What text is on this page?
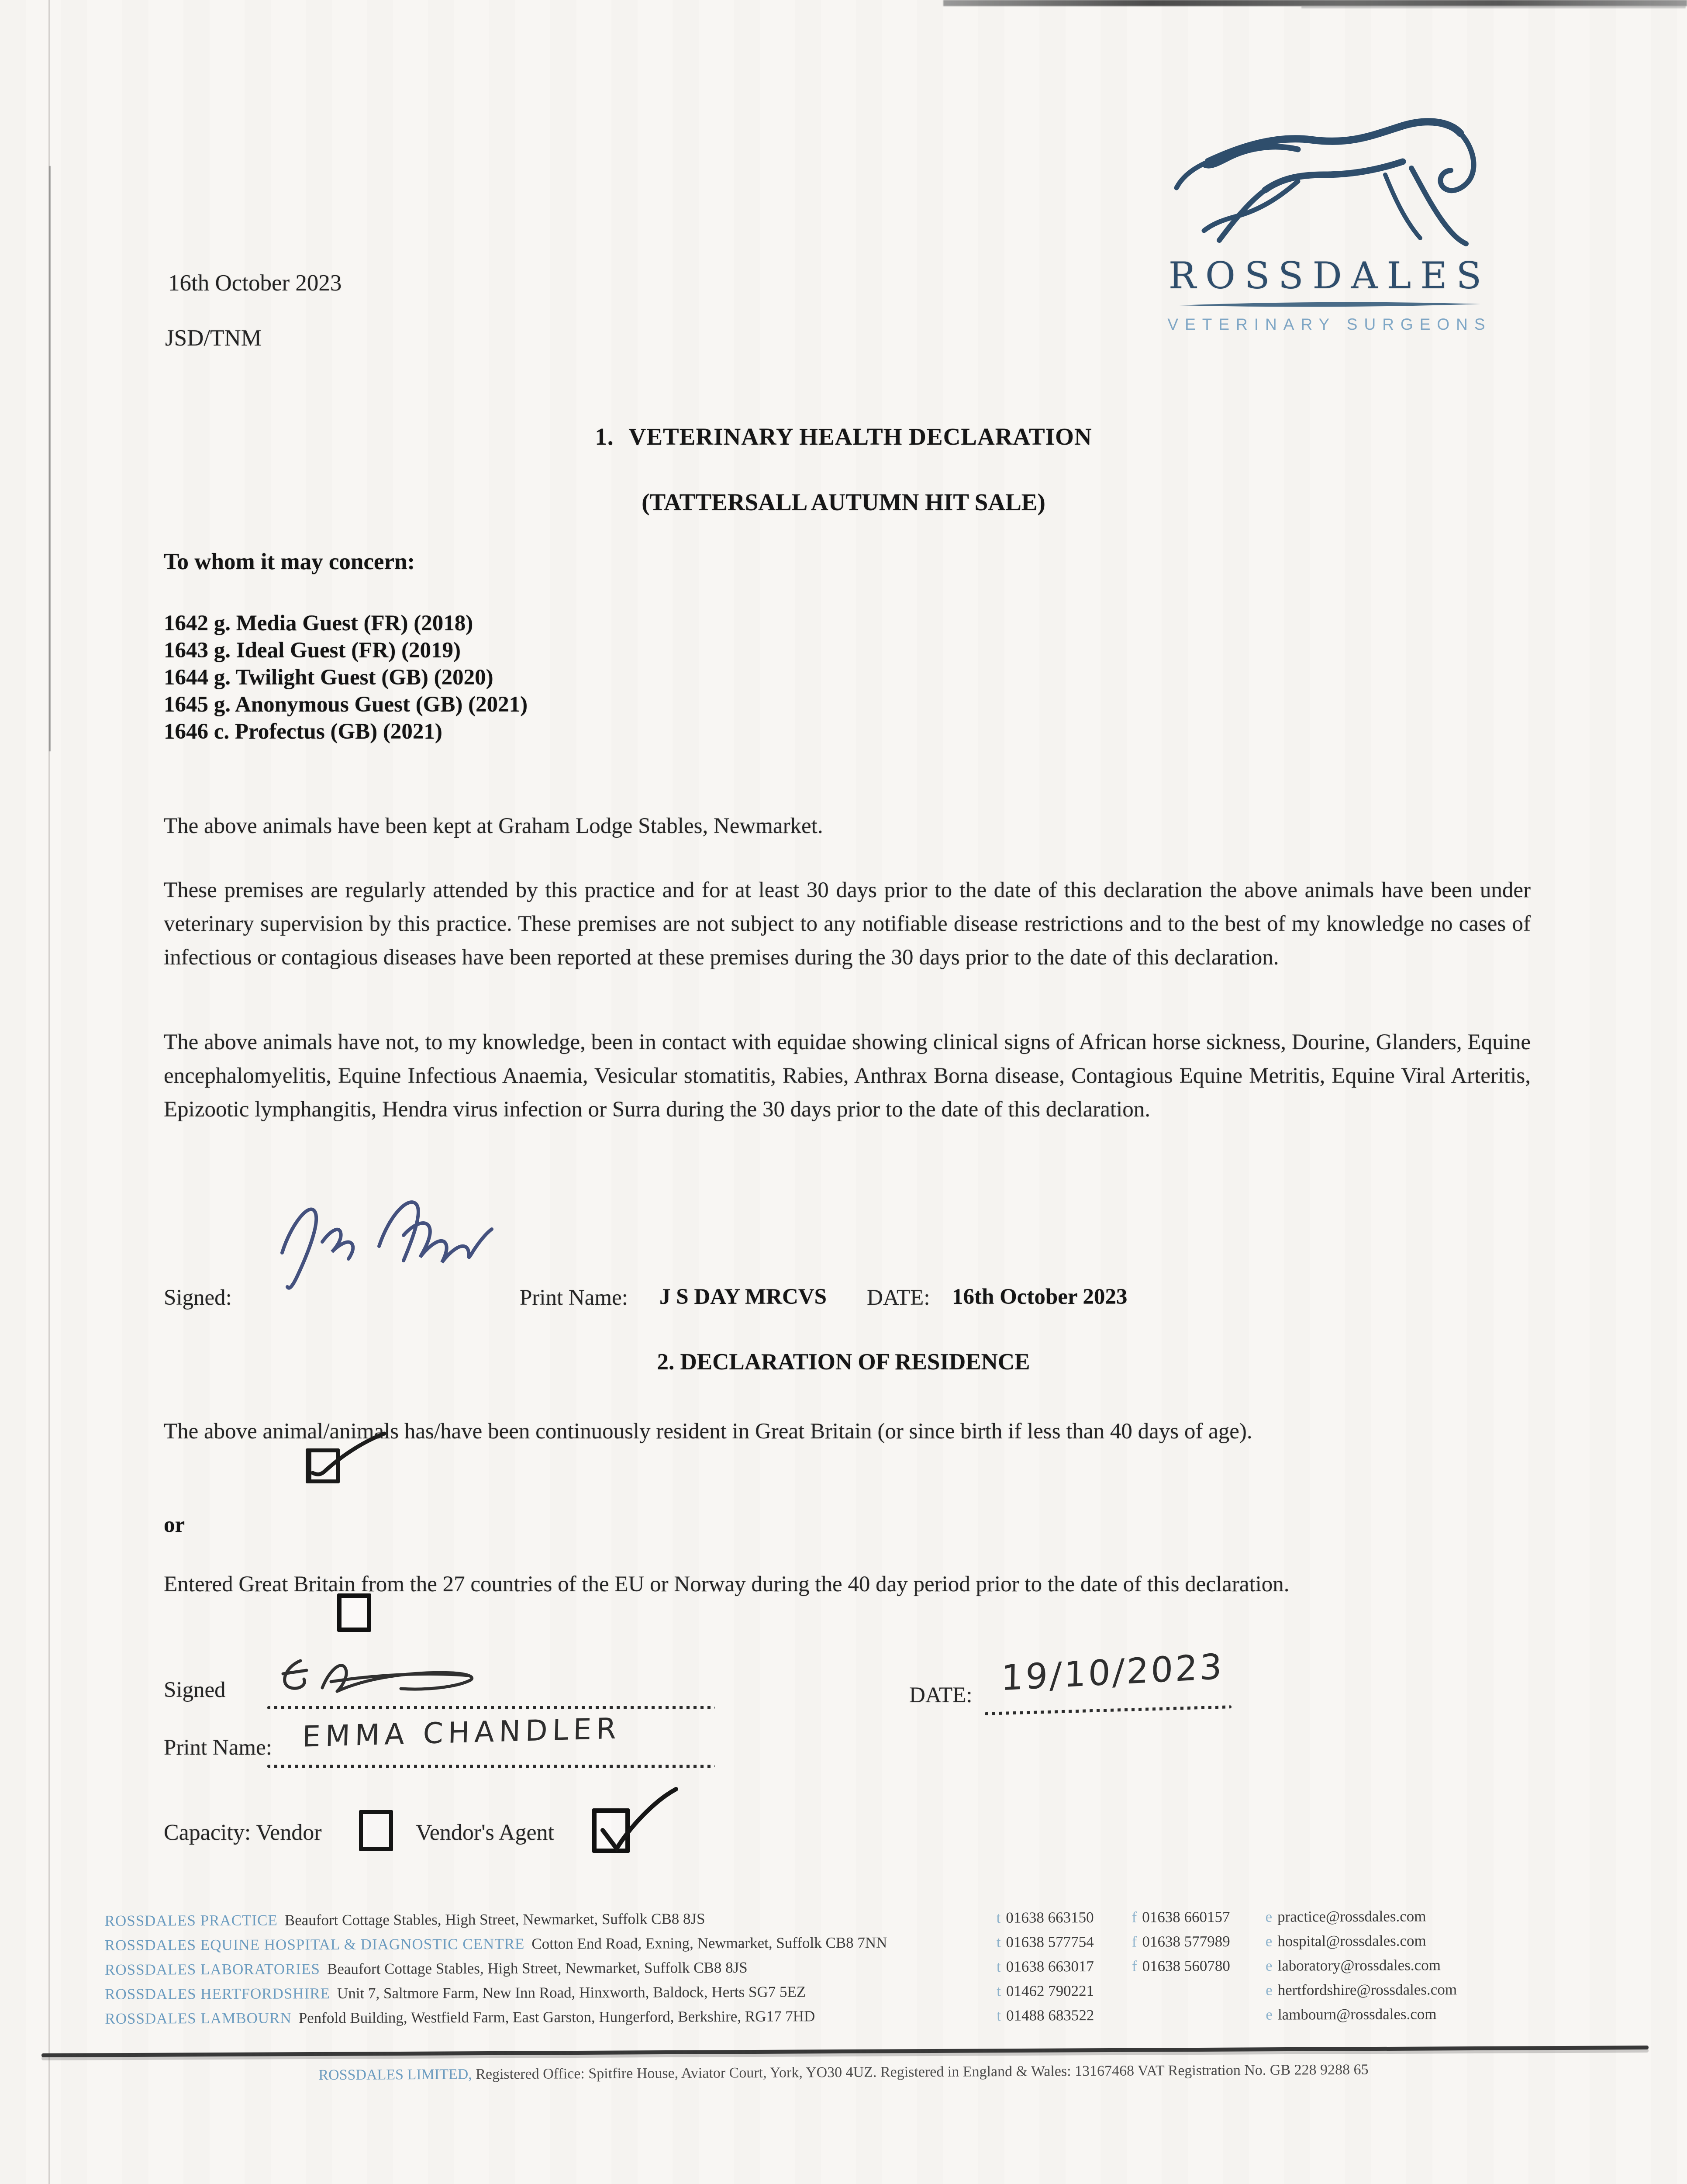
16th October 2023
JSD/TNM
ROSSDALES
VETERINARY SURGEONS
1. VETERINARY HEALTH DECLARATION
(TATTERSALL AUTUMN HIT SALE)
To whom it may concern:
1642 g. Media Guest (FR) (2018)
1643 g. Ideal Guest (FR) (2019)
1644 g. Twilight Guest (GB) (2020)
1645 g. Anonymous Guest (GB) (2021)
1646 c. Profectus (GB) (2021)
The above animals have been kept at Graham Lodge Stables, Newmarket.
These premises are regularly attended by this practice and for at least 30 days prior to the date of this declaration the above animals have been under veterinary supervision by this practice. These premises are not subject to any notifiable disease restrictions and to the best of my knowledge no cases of infectious or contagious diseases have been reported at these premises during the 30 days prior to the date of this declaration.
The above animals have not, to my knowledge, been in contact with equidae showing clinical signs of African horse sickness, Dourine, Glanders, Equine encephalomyelitis, Equine Infectious Anaemia, Vesicular stomatitis, Rabies, Anthrax Borna disease, Contagious Equine Metritis, Equine Viral Arteritis, Epizootic lymphangitis, Hendra virus infection or Surra during the 30 days prior to the date of this declaration.
Signed:	Print Name: J S DAY MRCVS DATE: 16th October 2023
2. DECLARATION OF RESIDENCE
The above animal/animals has/have been continuously resident in Great Britain (or since birth if less than 40 days of age).
or
Entered Great Britain from the 27 countries of the EU or Norway during the 40 day period prior to the date of this declaration.
Signed	DATE: 19/10/2023
Print Name: EMMA CHANDLER
Capacity: Vendor	Vendor's Agent
ROSSDALES PRACTICE Beaufort Cottage Stables, High Street, Newmarket, Suffolk CB8 8JS	t 01638 663150 f 01638 660157 e practice@rossdales.com
ROSSDALES EQUINE HOSPITAL & DIAGNOSTIC CENTRE Cotton End Road, Exning, Newmarket, Suffolk CB8 7NN	t 01638 577754 f 01638 577989 e hospital@rossdales.com
ROSSDALES LABORATORIES Beaufort Cottage Stables, High Street, Newmarket, Suffolk CB8 8JS	t 01638 663017 f 01638 560780 e laboratory@rossdales.com
ROSSDALES HERTFORDSHIRE Unit 7, Saltmore Farm, New Inn Road, Hinxworth, Baldock, Herts SG7 5EZ	t 01462 790221	e hertfordshire@rossdales.com
ROSSDALES LAMBOURN Penfold Building, Westfield Farm, East Garston, Hungerford, Berkshire, RG17 7HD	t 01488 683522	e lambourn@rossdales.com
ROSSDALES LIMITED, Registered Office: Spitfire House, Aviator Court, York, YO30 4UZ. Registered in England & Wales: 13167468 VAT Registration No. GB 228 9288 65
